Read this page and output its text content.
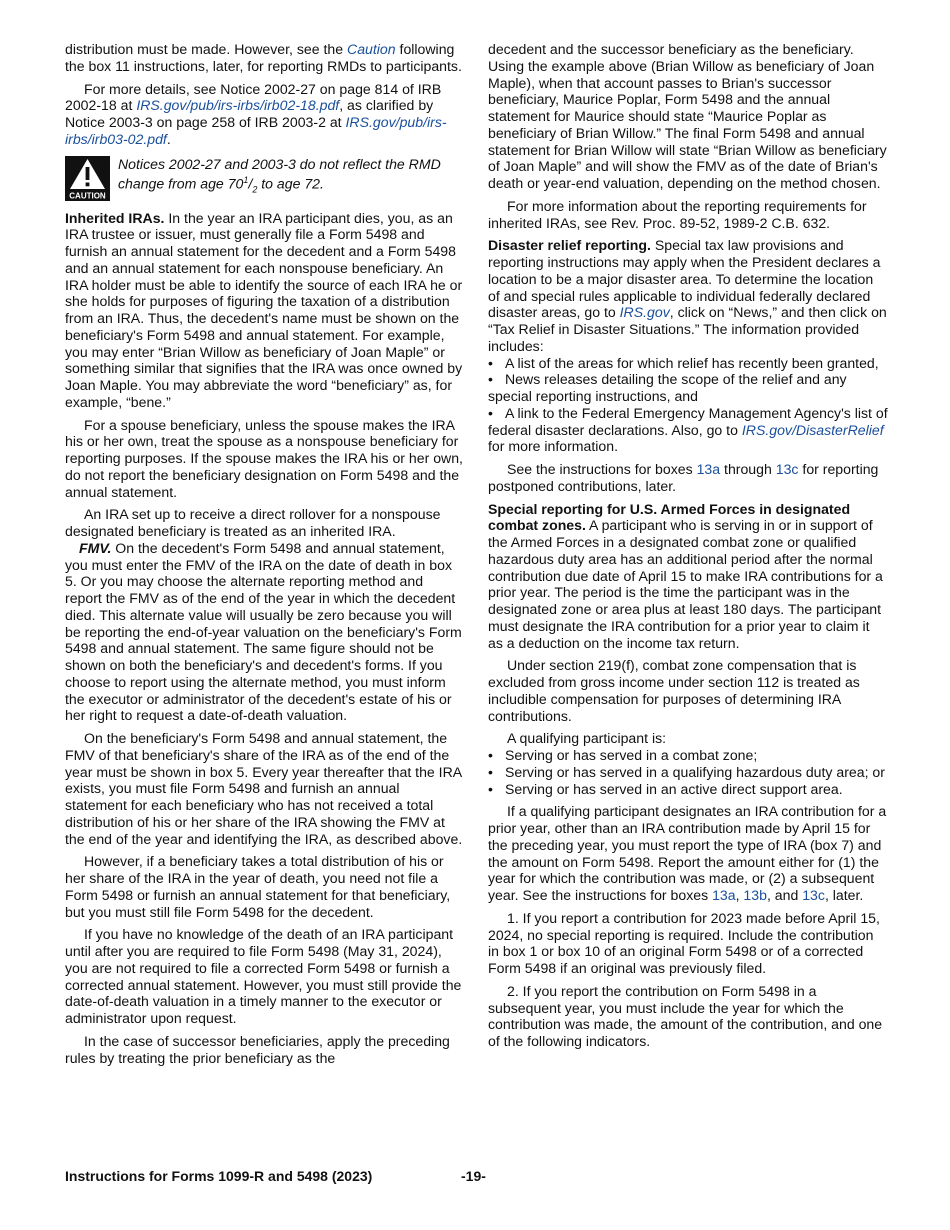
distribution must be made. However, see the Caution following the box 11 instructions, later, for reporting RMDs to participants.

For more details, see Notice 2002-27 on page 814 of IRB 2002-18 at IRS.gov/pub/irs-irbs/irb02-18.pdf, as clarified by Notice 2003-3 on page 258 of IRB 2003-2 at IRS.gov/pub/irs-irbs/irb03-02.pdf.

CAUTION
Notices 2002-27 and 2003-3 do not reflect the RMD change from age $70^1/_2$ to age 72.

Inherited IRAs. In the year an IRA participant dies, you, as an IRA trustee or issuer, must generally file a Form 5498 and furnish an annual statement for the decedent and a Form 5498 and an annual statement for each nonspouse beneficiary. An IRA holder must be able to identify the source of each IRA he or she holds for purposes of figuring the taxation of a distribution from an IRA. Thus, the decedent's name must be shown on the beneficiary's Form 5498 and annual statement. For example, you may enter “Brian Willow as beneficiary of Joan Maple” or something similar that signifies that the IRA was once owned by Joan Maple. You may abbreviate the word “beneficiary” as, for example, “bene.”

For a spouse beneficiary, unless the spouse makes the IRA his or her own, treat the spouse as a nonspouse beneficiary for reporting purposes. If the spouse makes the IRA his or her own, do not report the beneficiary designation on Form 5498 and the annual statement.

An IRA set up to receive a direct rollover for a nonspouse designated beneficiary is treated as an inherited IRA.

FMV. On the decedent's Form 5498 and annual statement, you must enter the FMV of the IRA on the date of death in box 5. Or you may choose the alternate reporting method and report the FMV as of the end of the year in which the decedent died. This alternate value will usually be zero because you will be reporting the end-of-year valuation on the beneficiary's Form 5498 and annual statement. The same figure should not be shown on both the beneficiary's and decedent's forms. If you choose to report using the alternate method, you must inform the executor or administrator of the decedent's estate of his or her right to request a date-of-death valuation.

On the beneficiary's Form 5498 and annual statement, the FMV of that beneficiary's share of the IRA as of the end of the year must be shown in box 5. Every year thereafter that the IRA exists, you must file Form 5498 and furnish an annual statement for each beneficiary who has not received a total distribution of his or her share of the IRA showing the FMV at the end of the year and identifying the IRA, as described above.

However, if a beneficiary takes a total distribution of his or her share of the IRA in the year of death, you need not file a Form 5498 or furnish an annual statement for that beneficiary, but you must still file Form 5498 for the decedent.

If you have no knowledge of the death of an IRA participant until after you are required to file Form 5498 (May 31, 2024), you are not required to file a corrected Form 5498 or furnish a corrected annual statement. However, you must still provide the date-of-death valuation in a timely manner to the executor or administrator upon request.

In the case of successor beneficiaries, apply the preceding rules by treating the prior beneficiary as the

decedent and the successor beneficiary as the beneficiary. Using the example above (Brian Willow as beneficiary of Joan Maple), when that account passes to Brian's successor beneficiary, Maurice Poplar, Form 5498 and the annual statement for Maurice should state “Maurice Poplar as beneficiary of Brian Willow.” The final Form 5498 and annual statement for Brian Willow will state “Brian Willow as beneficiary of Joan Maple” and will show the FMV as of the date of Brian's death or year-end valuation, depending on the method chosen.

For more information about the reporting requirements for inherited IRAs, see Rev. Proc. 89-52, 1989-2 C.B. 632.

Disaster relief reporting. Special tax law provisions and reporting instructions may apply when the President declares a location to be a major disaster area. To determine the location of and special rules applicable to individual federally declared disaster areas, go to IRS.gov, click on “News,” and then click on “Tax Relief in Disaster Situations.” The information provided includes:

• A list of the areas for which relief has recently been granted,
• News releases detailing the scope of the relief and any special reporting instructions, and
• A link to the Federal Emergency Management Agency's list of federal disaster declarations. Also, go to IRS.gov/DisasterRelief for more information.

See the instructions for boxes 13a through 13c for reporting postponed contributions, later.

Special reporting for U.S. Armed Forces in designated combat zones. A participant who is serving in or in support of the Armed Forces in a designated combat zone or qualified hazardous duty area has an additional period after the normal contribution due date of April 15 to make IRA contributions for a prior year. The period is the time the participant was in the designated zone or area plus at least 180 days. The participant must designate the IRA contribution for a prior year to claim it as a deduction on the income tax return.

Under section 219(f), combat zone compensation that is excluded from gross income under section 112 is treated as includible compensation for purposes of determining IRA contributions.

A qualifying participant is:

• Serving or has served in a combat zone;
• Serving or has served in a qualifying hazardous duty area; or
• Serving or has served in an active direct support area.

If a qualifying participant designates an IRA contribution for a prior year, other than an IRA contribution made by April 15 for the preceding year, you must report the type of IRA (box 7) and the amount on Form 5498. Report the amount either for (1) the year for which the contribution was made, or (2) a subsequent year. See the instructions for boxes 13a, 13b, and 13c, later.

1. If you report a contribution for 2023 made before April 15, 2024, no special reporting is required. Include the contribution in box 1 or box 10 of an original Form 5498 or of a corrected Form 5498 if an original was previously filed.

2. If you report the contribution on Form 5498 in a subsequent year, you must include the year for which the contribution was made, the amount of the contribution, and one of the following indicators.

Instructions for Forms 1099-R and 5498 (2023)	-19-
